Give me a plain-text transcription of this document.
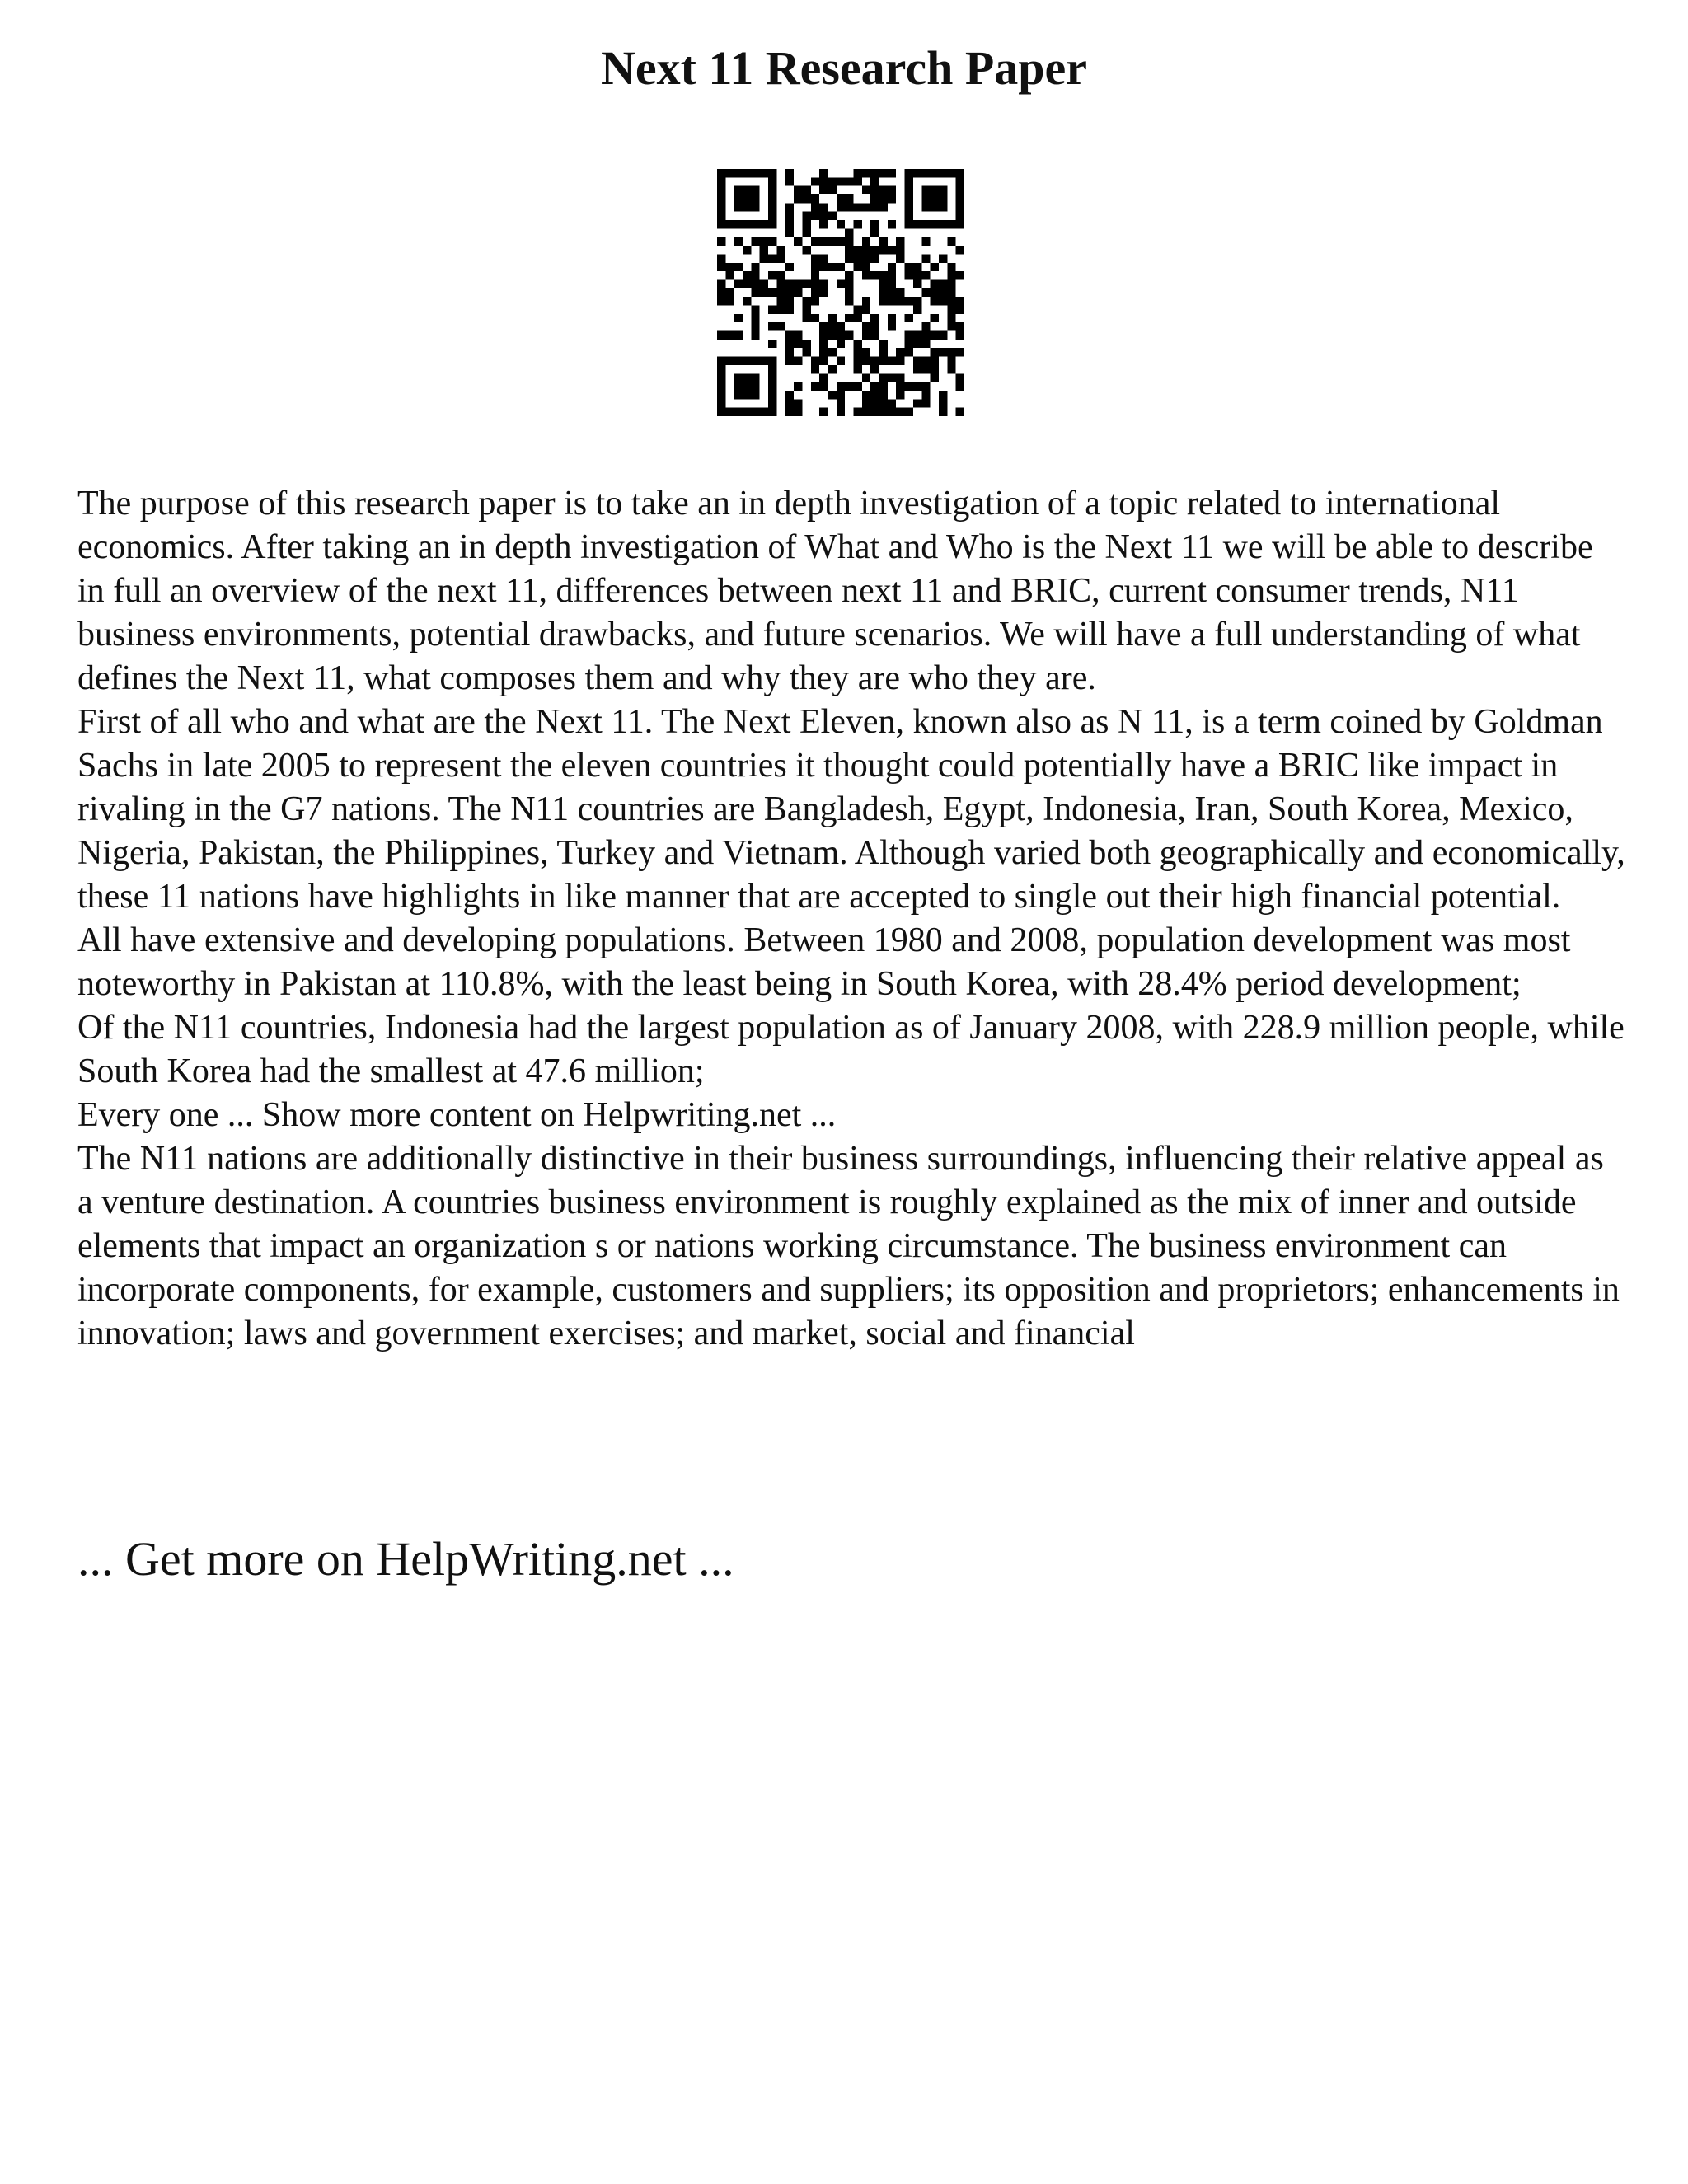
Next 11 Research Paper

The purpose of this research paper is to take an in depth investigation of a topic related to international economics. After taking an in depth investigation of What and Who is the Next 11 we will be able to describe in full an overview of the next 11, differences between next 11 and BRIC, current consumer trends, N11 business environments, potential drawbacks, and future scenarios. We will have a full understanding of what defines the Next 11, what composes them and why they are who they are.

First of all who and what are the Next 11. The Next Eleven, known also as N 11, is a term coined by Goldman Sachs in late 2005 to represent the eleven countries it thought could potentially have a BRIC like impact in rivaling in the G7 nations. The N11 countries are Bangladesh, Egypt, Indonesia, Iran, South Korea, Mexico, Nigeria, Pakistan, the Philippines, Turkey and Vietnam. Although varied both geographically and economically, these 11 nations have highlights in like manner that are accepted to single out their high financial potential.

All have extensive and developing populations. Between 1980 and 2008, population development was most noteworthy in Pakistan at 110.8%, with the least being in South Korea, with 28.4% period development;

Of the N11 countries, Indonesia had the largest population as of January 2008, with 228.9 million people, while South Korea had the smallest at 47.6 million;

Every one ... Show more content on Helpwriting.net ...

The N11 nations are additionally distinctive in their business surroundings, influencing their relative appeal as a venture destination. A countries business environment is roughly explained as the mix of inner and outside elements that impact an organization s or nations working circumstance. The business environment can incorporate components, for example, customers and suppliers; its opposition and proprietors; enhancements in innovation; laws and government exercises; and market, social and financial

... Get more on HelpWriting.net ...
